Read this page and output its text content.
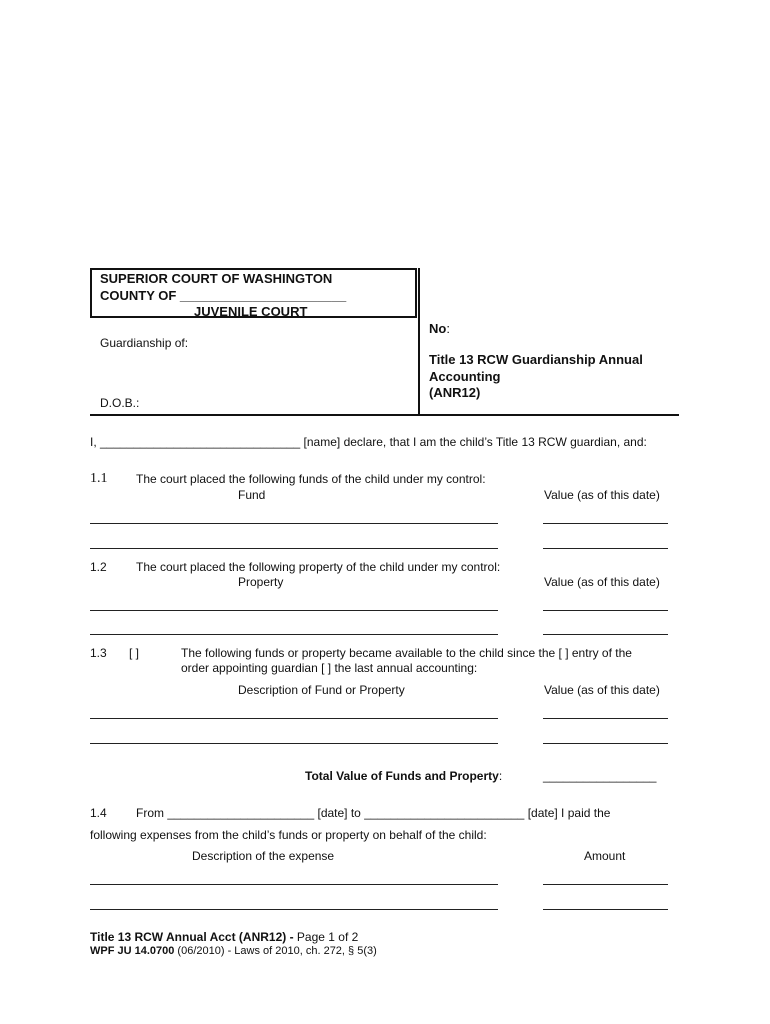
SUPERIOR COURT OF WASHINGTON
COUNTY OF _______________________
JUVENILE COURT
Guardianship of:
D.O.B.:
No:
Title 13 RCW Guardianship Annual
Accounting
(ANR12)
I, ______________________________ [name] declare, that I am the child’s Title 13 RCW guardian, and:
1.1 The court placed the following funds of the child under my control:
Fund	Value (as of this date)
1.2 The court placed the following property of the child under my control:
Property	Value (as of this date)
1.3 [ ]	The following funds or property became available to the child since the [ ] entry of the
order appointing guardian [ ] the last annual accounting:
Description of Fund or Property	Value (as of this date)
Total Value of Funds and Property:	_________________
1.4 From ______________________ [date] to ________________________ [date] I paid the
following expenses from the child’s funds or property on behalf of the child:
Description of the expense	Amount
Title 13 RCW Annual Acct (ANR12) - Page 1 of 2
WPF JU 14.0700 (06/2010) - Laws of 2010, ch. 272, § 5(3)
